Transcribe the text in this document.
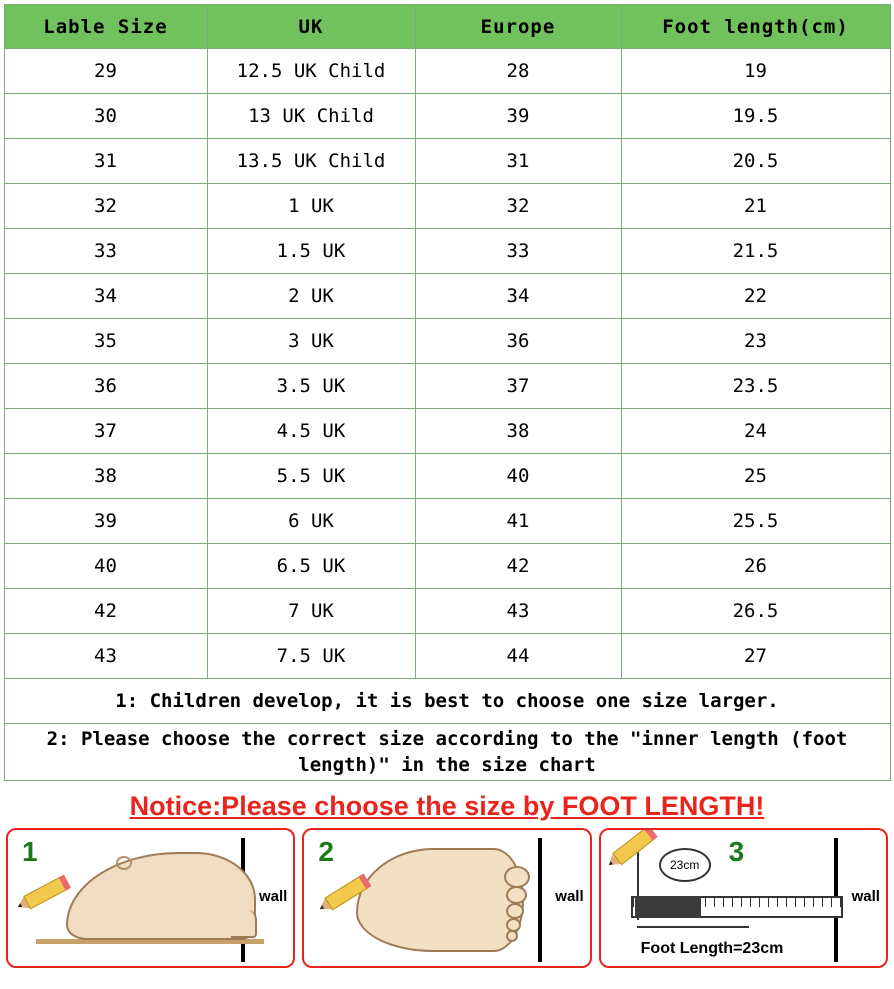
Lable Size	UK	Europe	Foot length(cm)
29	12.5 UK Child	28	19
30	13 UK Child	39	19.5
31	13.5 UK Child	31	20.5
32	1 UK	32	21
33	1.5 UK	33	21.5
34	2 UK	34	22
35	3 UK	36	23
36	3.5 UK	37	23.5
37	4.5 UK	38	24
38	5.5 UK	40	25
39	6 UK	41	25.5
40	6.5 UK	42	26
42	7 UK	43	26.5
43	7.5 UK	44	27
1: Children develop, it is best to choose one size larger.			
2: Please choose the correct size according to the "inner length (foot length)" in the size chart			
Notice:Please choose the size by FOOT LENGTH!
1
wall
2
wall
3
wall
23cm
Foot Length=23cm
